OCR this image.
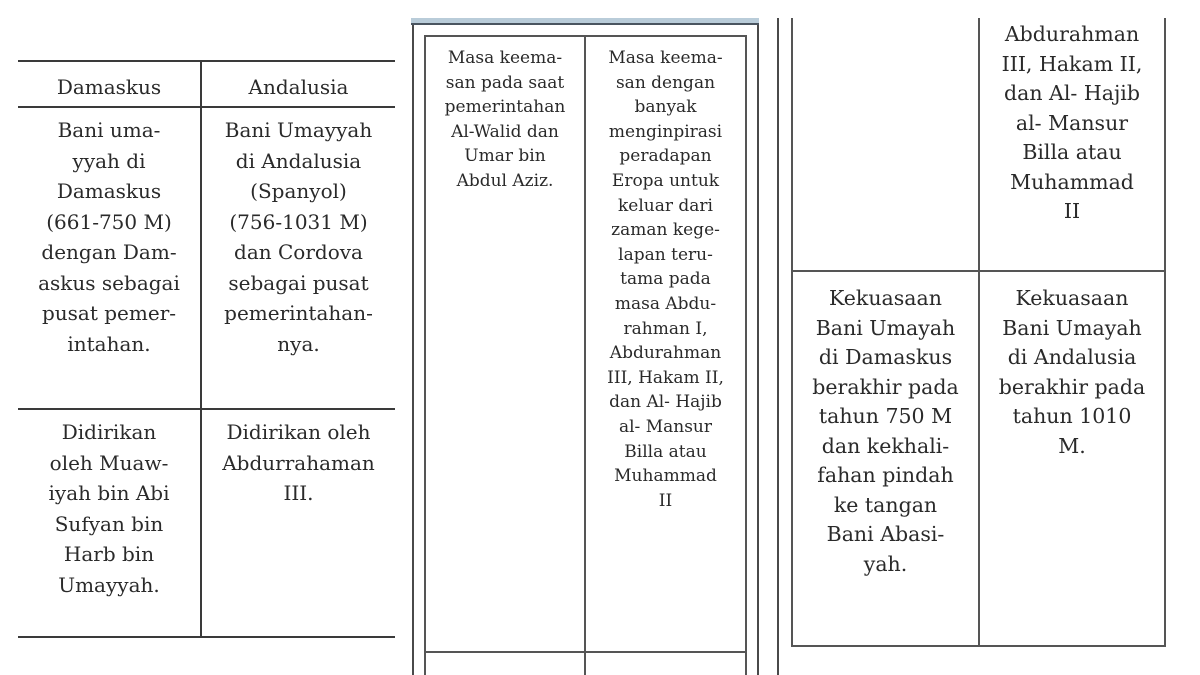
Damaskus	Andalusia
Bani uma-
yyah di
Damaskus
(661-750 M)
dengan Dam-
askus sebagai
pusat pemer-
intahan.
Bani Umayyah
di Andalusia
(Spanyol)
(756-1031 M)
dan Cordova
sebagai pusat
pemerintahan-
nya.
Didirikan
oleh Muaw-
iyah bin Abi
Sufyan bin
Harb bin
Umayyah.
Didirikan oleh
Abdurrahaman
III.
Masa keema-
san pada saat
pemerintahan
Al-Walid dan
Umar bin
Abdul Aziz.
Masa keema-
san dengan
banyak
menginpirasi
peradapan
Eropa untuk
keluar dari
zaman kege-
lapan teru-
tama pada
masa Abdu-
rahman I,
Abdurahman
III, Hakam II,
dan Al- Hajib
al- Mansur
Billa atau
Muhammad
II
Abdurahman
III, Hakam II,
dan Al- Hajib
al- Mansur
Billa atau
Muhammad
II
Kekuasaan
Bani Umayah
di Damaskus
berakhir pada
tahun 750 M
dan kekhali-
fahan pindah
ke tangan
Bani Abasi-
yah.
Kekuasaan
Bani Umayah
di Andalusia
berakhir pada
tahun 1010
M.
